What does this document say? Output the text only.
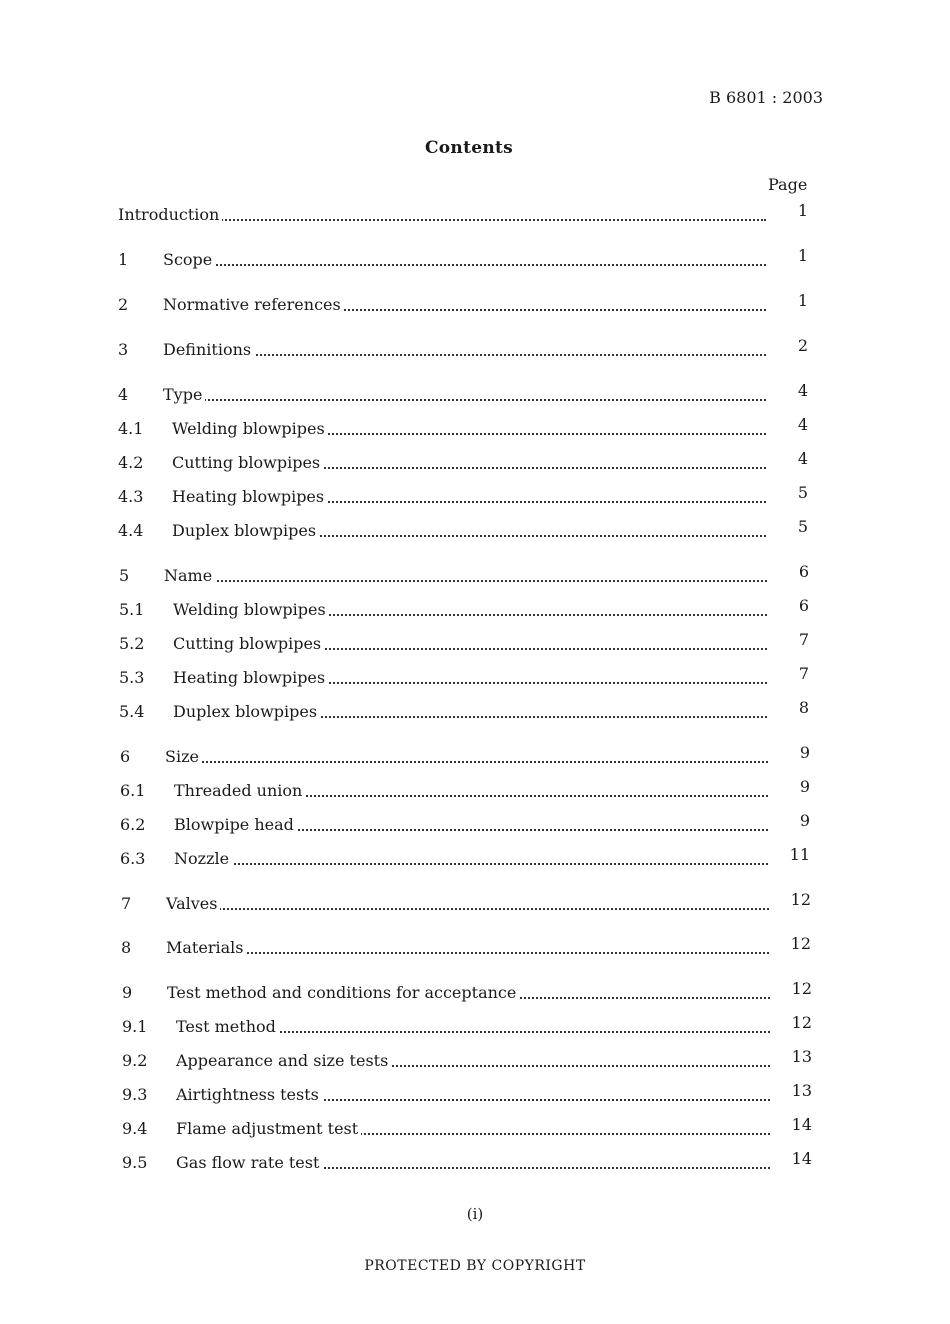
B 6801 : 2003
Contents
Page
Introduction	1
1 Scope	1
2 Normative references	1
3 Definitions	2
4 Type	4
4.1 Welding blowpipes	4
4.2 Cutting blowpipes	4
4.3 Heating blowpipes	5
4.4 Duplex blowpipes	5
5 Name	6
5.1 Welding blowpipes	6
5.2 Cutting blowpipes	7
5.3 Heating blowpipes	7
5.4 Duplex blowpipes	8
6 Size	9
6.1 Threaded union	9
6.2 Blowpipe head	9
6.3 Nozzle	11
7 Valves	12
8 Materials	12
9 Test method and conditions for acceptance	12
9.1 Test method	12
9.2 Appearance and size tests	13
9.3 Airtightness tests	13
9.4 Flame adjustment test	14
9.5 Gas flow rate test	14
(i)
PROTECTED BY COPYRIGHT
